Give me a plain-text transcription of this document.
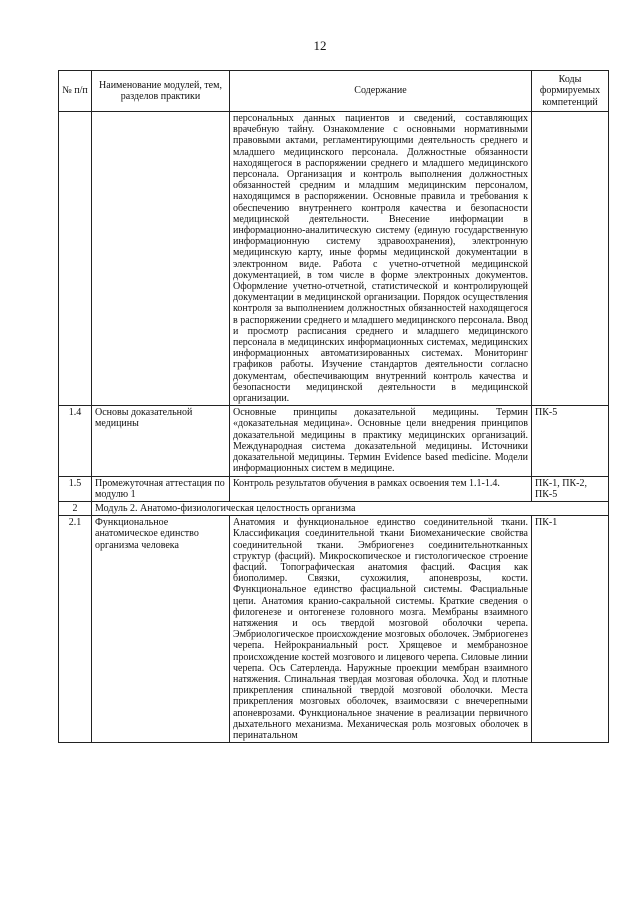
12
№ п/п	Наименование модулей, тем, разделов практики	Содержание	Коды формируемых компетенций
		персональных данных пациентов и сведений, составляющих врачебную тайну. Ознакомление с основными нормативными правовыми актами, регламентирующими деятельность среднего и младшего медицинского персонала. Должностные обязанности находящегося в распоряжении среднего и младшего медицинского персонала. Организация и контроль выполнения должностных обязанностей средним и младшим медицинским персоналом, находящимся в распоряжении. Основные правила и требования к обеспечению внутреннего контроля качества и безопасности медицинской деятельности. Внесение информации в информационно-аналитическую систему (единую государственную информационную систему здравоохранения), электронную медицинскую карту, иные формы медицинской документации в электронном виде. Работа с учетно-отчетной медицинской документацией, в том числе в форме электронных документов. Оформление учетно-отчетной, статистической и контролирующей документации в медицинской организации. Порядок осуществления контроля за выполнением должностных обязанностей находящегося в распоряжении среднего и младшего медицинского персонала. Ввод и просмотр расписания среднего и младшего медицинского персонала в медицинских информационных системах, медицинских информационных автоматизированных системах. Мониторинг графиков работы. Изучение стандартов деятельности согласно документам, обеспечивающим внутренний контроль качества и безопасности медицинской деятельности в медицинской организации.	
1.4	Основы доказательной медицины	Основные принципы доказательной медицины. Термин «доказательная медицина». Основные цели внедрения принципов доказательной медицины в практику медицинских организаций. Международная система доказательной медицины. Источники доказательной медицины. Термин Evidence based medicine. Модели информационных систем в медицине.	ПК-5
1.5	Промежуточная аттестация по модулю 1	Контроль результатов обучения в рамках освоения тем 1.1-1.4.	ПК-1, ПК-2, ПК-5
2	Модуль 2. Анатомо-физиологическая целостность организма		
2.1	Функциональное анатомическое единство организма человека	Анатомия и функциональное единство соединительной ткани. Классификация соединительной ткани Биомеханические свойства соединительной ткани. Эмбриогенез соединительнотканных структур (фасций). Микроскопическое и гистологическое строение фасций. Топографическая анатомия фасций. Фасция как биополимер. Связки, сухожилия, апоневрозы, кости. Функциональное единство фасциальной системы. Фасциальные цепи. Анатомия кранио-сакральной системы. Краткие сведения о филогенезе и онтогенезе головного мозга. Мембраны взаимного натяжения и ось твердой мозговой оболочки черепа. Эмбриологическое происхождение мозговых оболочек. Эмбриогенез черепа. Нейрокраниальный рост. Хрящевое и мембранозное происхождение костей мозгового и лицевого черепа. Силовые линии черепа. Ось Сатерленда. Наружные проекции мембран взаимного натяжения. Спинальная твердая мозговая оболочка. Ход и плотные прикрепления спинальной твердой мозговой оболочки. Места прикрепления мозговых оболочек, взаимосвязи с внечерепными апоневрозами. Функциональное значение в реализации первичного дыхательного механизма. Механическая роль мозговых оболочек в перинатальном	ПК-1
